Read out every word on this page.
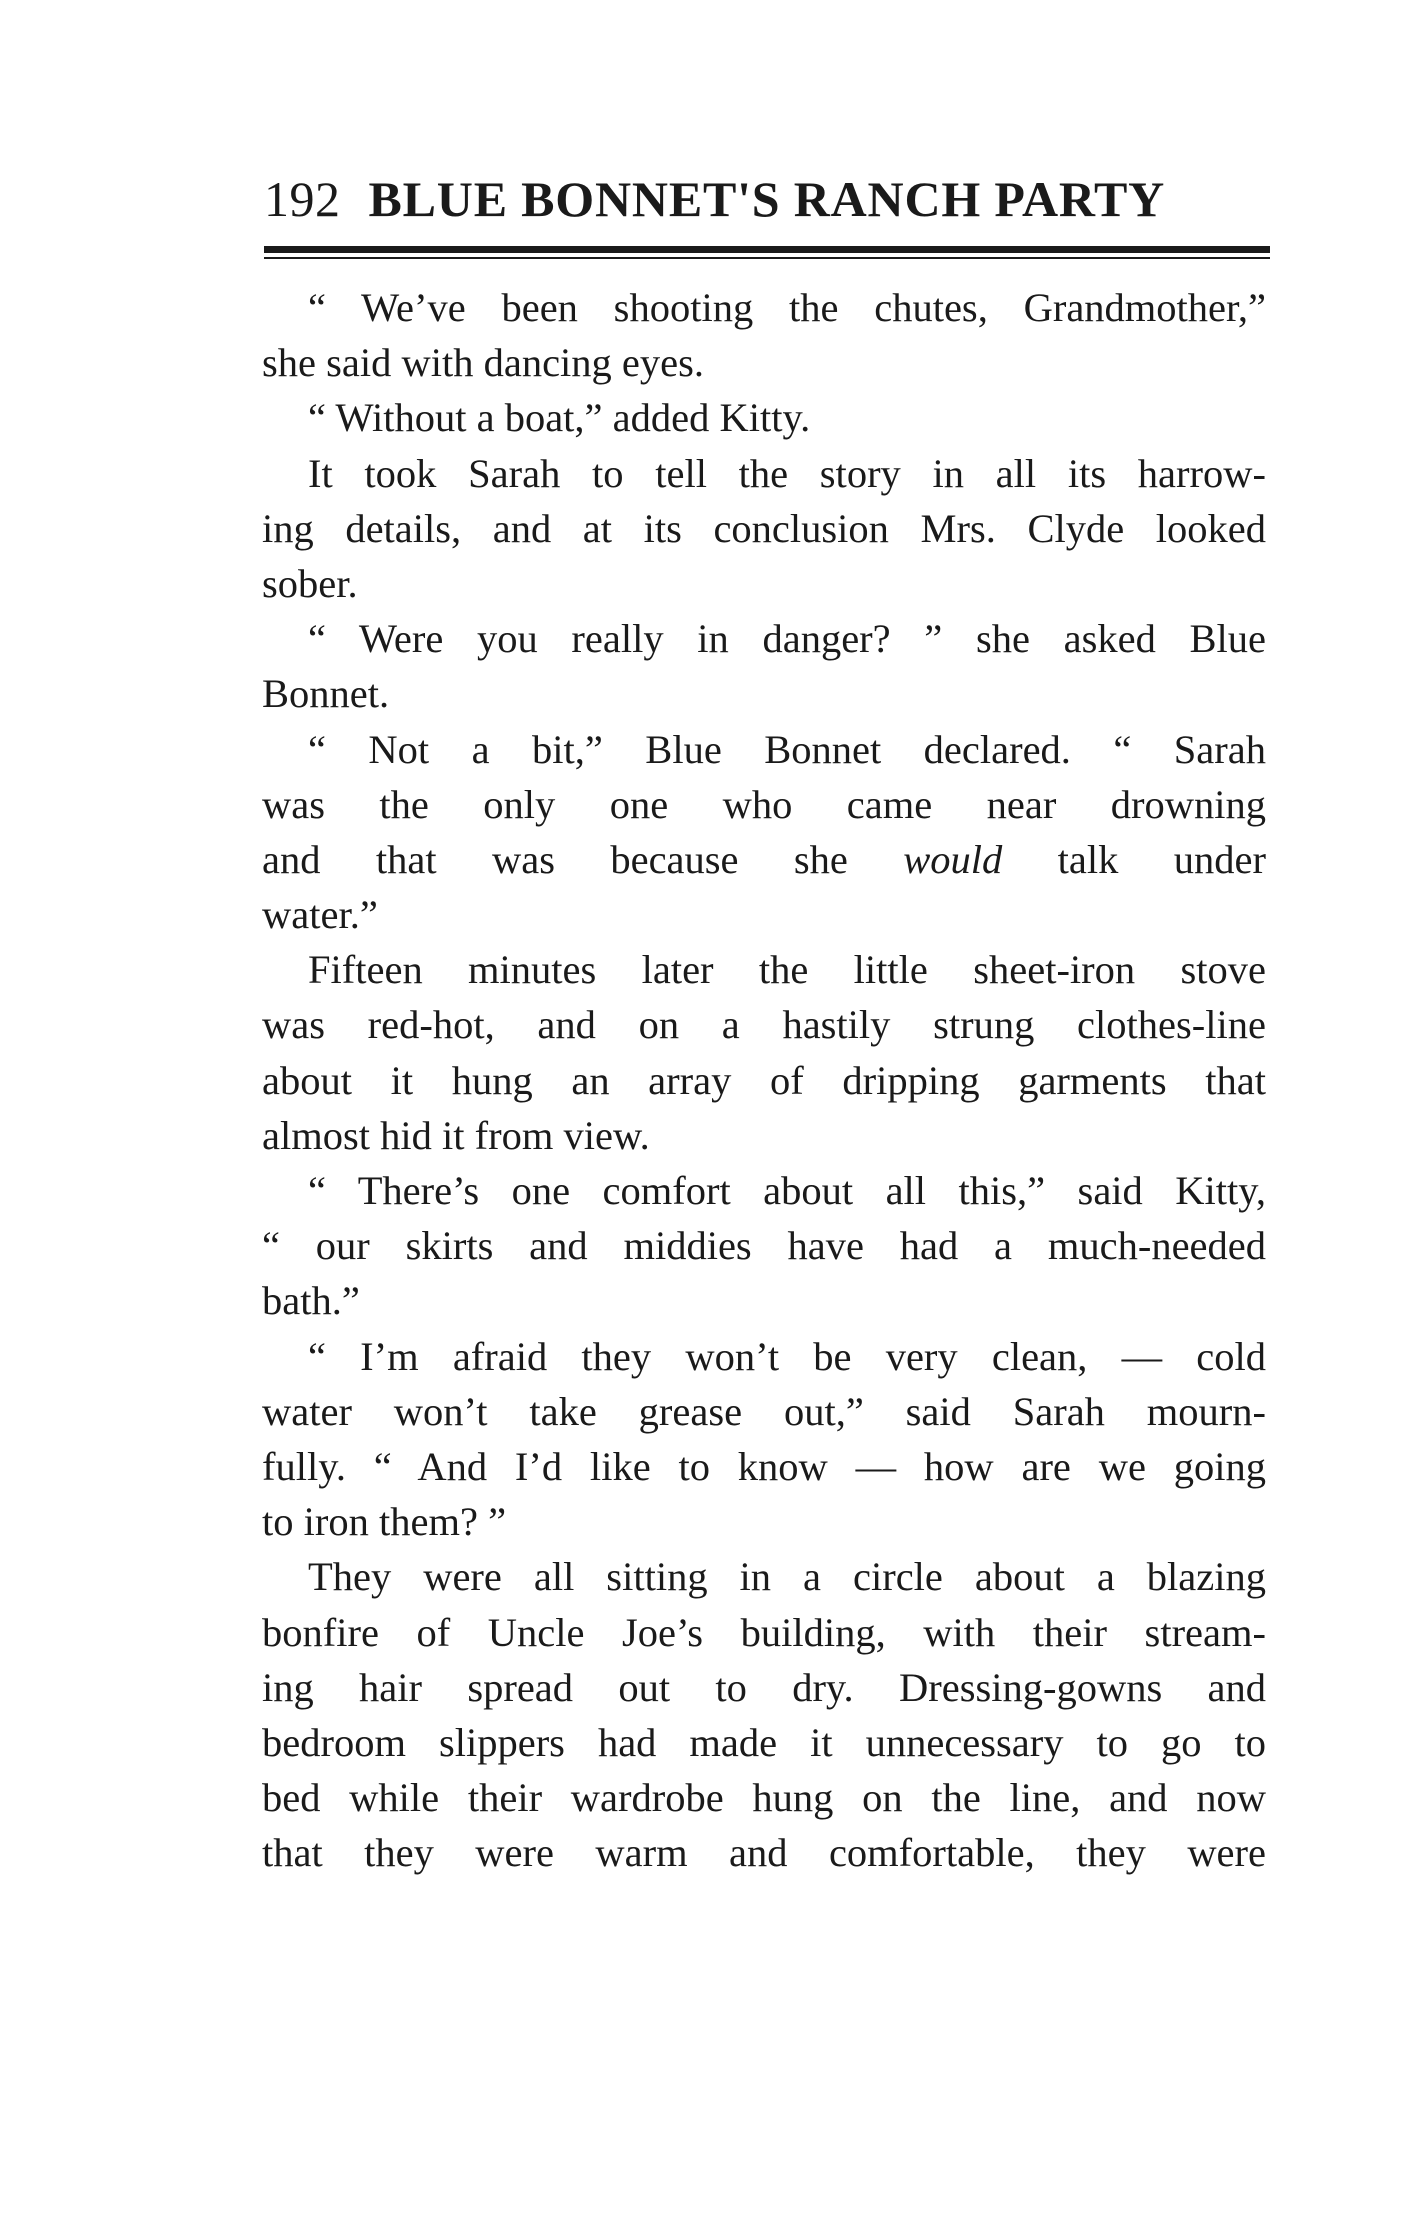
192 BLUE BONNET'S RANCH PARTY
“ We’ve been shooting the chutes, Grandmother,”
she said with dancing eyes.
“ Without a boat,” added Kitty.
It took Sarah to tell the story in all its harrow-
ing details, and at its conclusion Mrs. Clyde looked
sober.
“ Were you really in danger? ” she asked Blue
Bonnet.
“ Not a bit,” Blue Bonnet declared. “ Sarah
was the only one who came near drowning
and that was because she would talk under
water.”
Fifteen minutes later the little sheet-iron stove
was red-hot, and on a hastily strung clothes-line
about it hung an array of dripping garments that
almost hid it from view.
“ There’s one comfort about all this,” said Kitty,
“ our skirts and middies have had a much-needed
bath.”
“ I’m afraid they won’t be very clean, — cold
water won’t take grease out,” said Sarah mourn-
fully. “ And I’d like to know — how are we going
to iron them? ”
They were all sitting in a circle about a blazing
bonfire of Uncle Joe’s building, with their stream-
ing hair spread out to dry. Dressing-gowns and
bedroom slippers had made it unnecessary to go to
bed while their wardrobe hung on the line, and now
that they were warm and comfortable, they were
